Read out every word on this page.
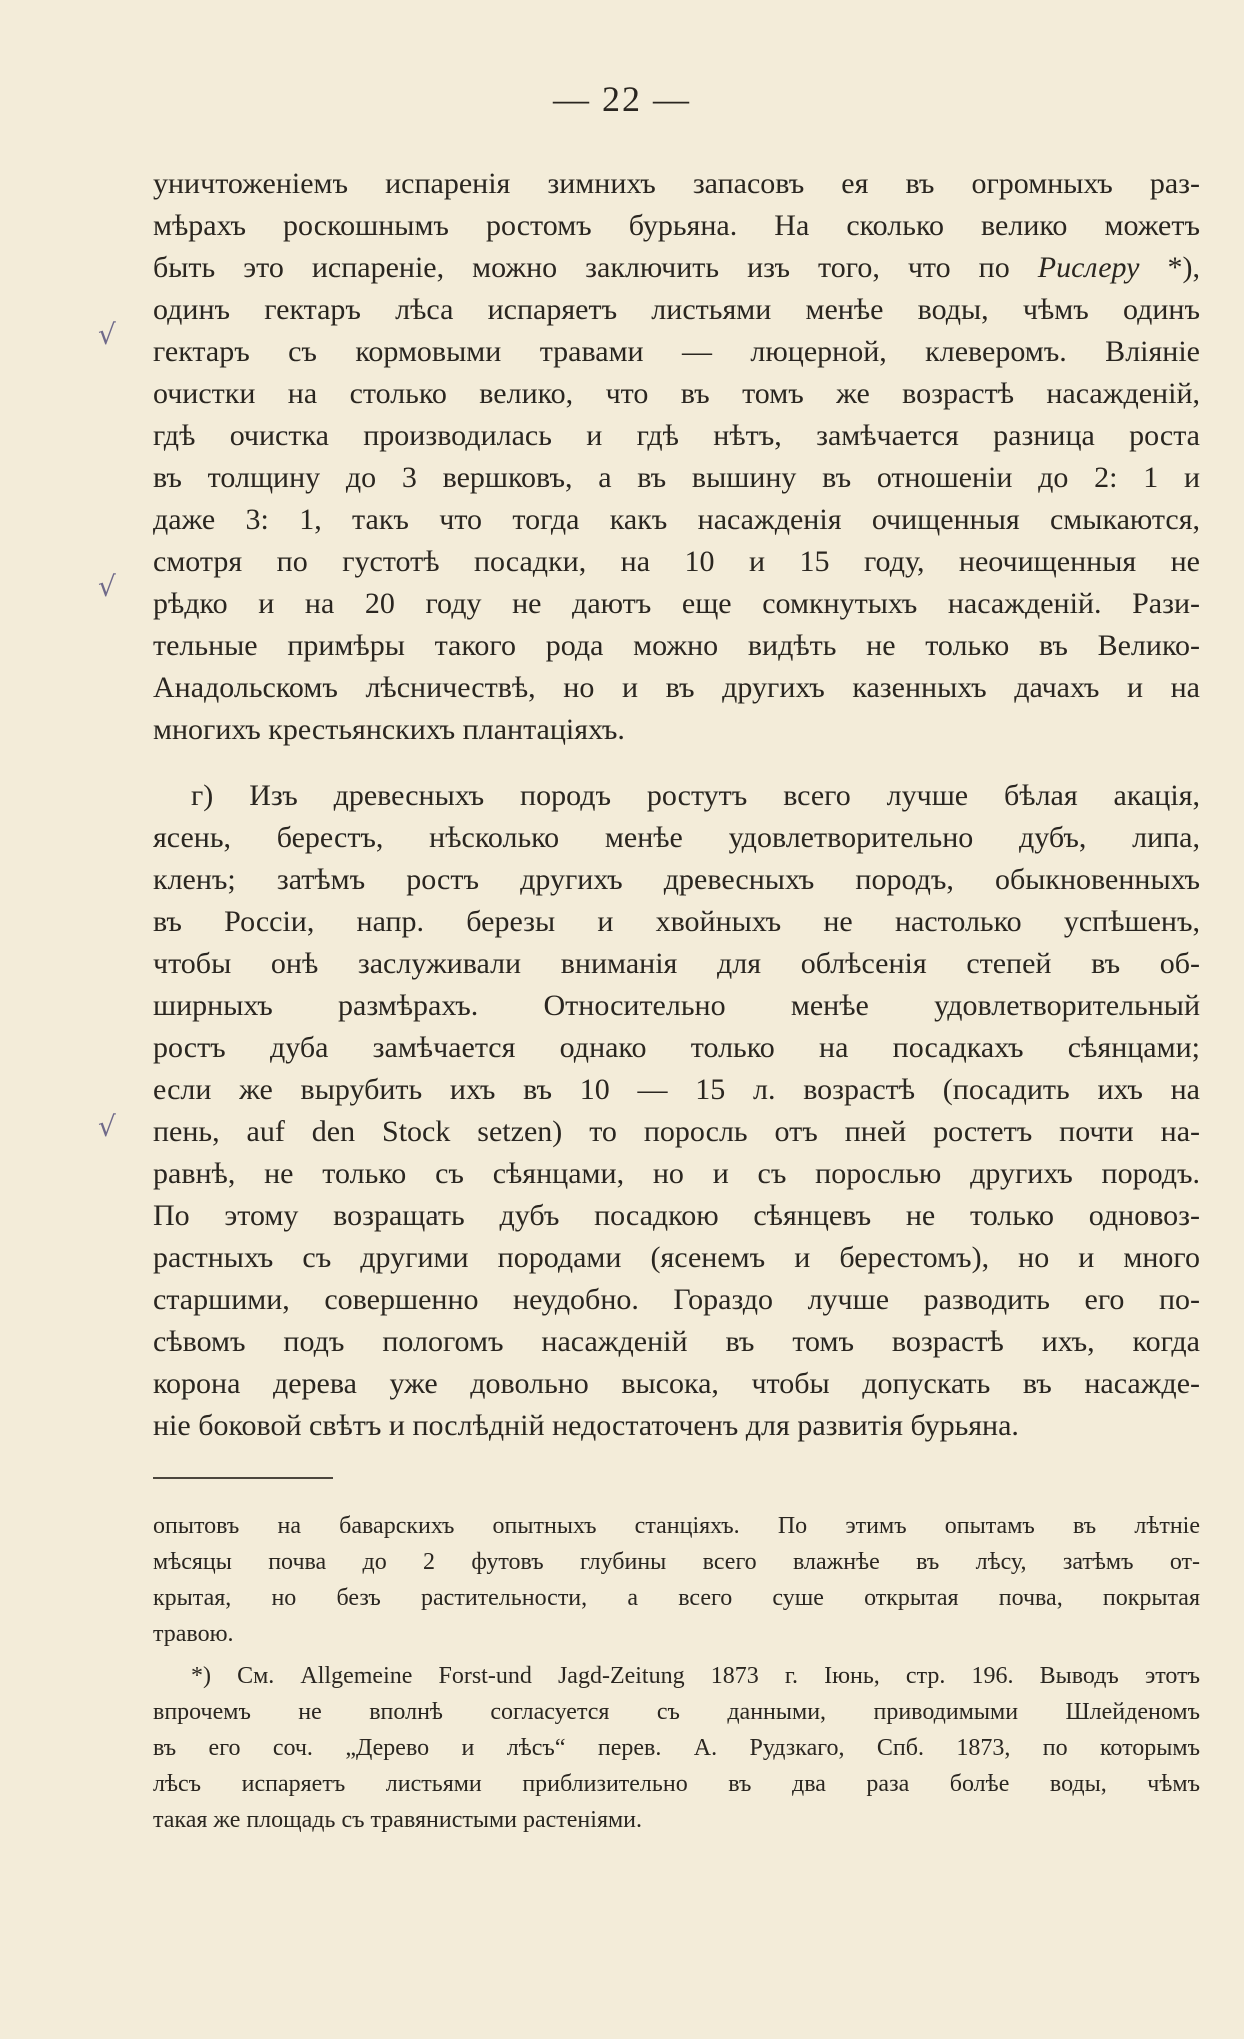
— 22 —
√
√
√
уничтоженіемъ испаренія зимнихъ запасовъ ея въ огромныхъ раз-
мѣрахъ роскошнымъ ростомъ бурьяна. На сколько велико можетъ
быть это испареніе, можно заключить изъ того, что по Рислеру *),
одинъ гектаръ лѣса испаряетъ листьями менѣе воды, чѣмъ одинъ
гектаръ съ кормовыми травами — люцерной, клеверомъ. Вліяніе
очистки на столько велико, что въ томъ же возрастѣ насажденій,
гдѣ очистка производилась и гдѣ нѣтъ, замѣчается разница роста
въ толщину до 3 вершковъ, а въ вышину въ отношеніи до 2: 1 и
даже 3: 1, такъ что тогда какъ насажденія очищенныя смыкаются,
смотря по густотѣ посадки, на 10 и 15 году, неочищенныя не
рѣдко и на 20 году не даютъ еще сомкнутыхъ насажденій. Рази-
тельные примѣры такого рода можно видѣть не только въ Велико-
Анадольскомъ лѣсничествѣ, но и въ другихъ казенныхъ дачахъ и на
многихъ крестьянскихъ плантаціяхъ.
г) Изъ древесныхъ породъ ростутъ всего лучше бѣлая акація,
ясень, берестъ, нѣсколько менѣе удовлетворительно дубъ, липа,
кленъ; затѣмъ ростъ другихъ древесныхъ породъ, обыкновенныхъ
въ Россіи, напр. березы и хвойныхъ не настолько успѣшенъ,
чтобы онѣ заслуживали вниманія для облѣсенія степей въ об-
ширныхъ размѣрахъ. Относительно менѣе удовлетворительный
ростъ дуба замѣчается однако только на посадкахъ сѣянцами;
если же вырубить ихъ въ 10 — 15 л. возрастѣ (посадить ихъ на
пень, auf den Stock setzen) то поросль отъ пней ростетъ почти на-
равнѣ, не только съ сѣянцами, но и съ порослью другихъ породъ.
По этому возращать дубъ посадкою сѣянцевъ не только одновоз-
растныхъ съ другими породами (ясенемъ и берестомъ), но и много
старшими, совершенно неудобно. Гораздо лучше разводить его по-
сѣвомъ подъ пологомъ насажденій въ томъ возрастѣ ихъ, когда
корона дерева уже довольно высока, чтобы допускать въ насажде-
ніе боковой свѣтъ и послѣдній недостаточенъ для развитія бурьяна.
опытовъ на баварскихъ опытныхъ станціяхъ. По этимъ опытамъ въ лѣтніе
мѣсяцы почва до 2 футовъ глубины всего влажнѣе въ лѣсу, затѣмъ от-
крытая, но безъ растительности, а всего суше открытая почва, покрытая
травою.
*) См. Allgemeine Forst-und Jagd-Zeitung 1873 г. Іюнь, стр. 196. Выводъ этотъ
впрочемъ не вполнѣ согласуется съ данными, приводимыми Шлейденомъ
въ его соч. „Дерево и лѣсъ“ перев. А. Рудзкаго, Спб. 1873, по которымъ
лѣсъ испаряетъ листьями приблизительно въ два раза болѣе воды, чѣмъ
такая же площадь съ травянистыми растеніями.
